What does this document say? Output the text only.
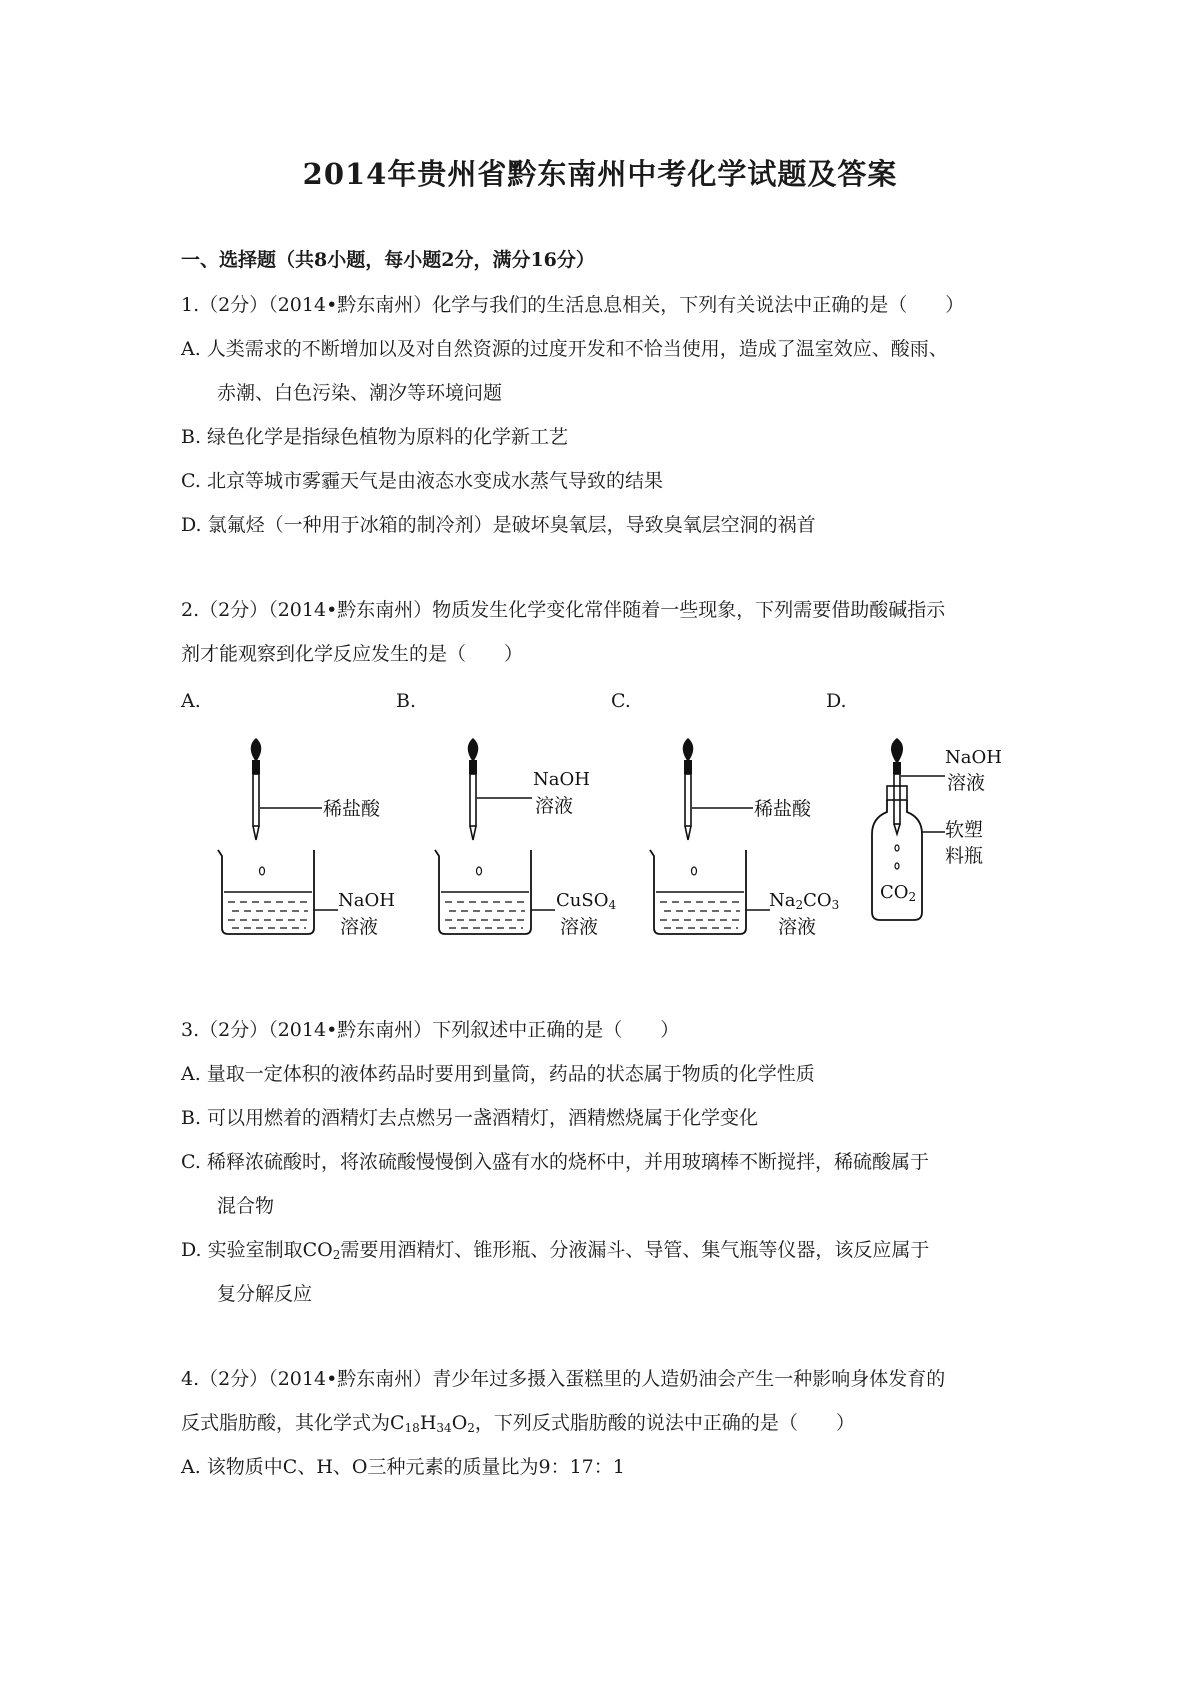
2014年贵州省黔东南州中考化学试题及答案
一、选择题（共8小题，每小题2分，满分16分）
1.（2分）（2014•黔东南州）化学与我们的生活息息相关，下列有关说法中正确的是（　　）
A. 人类需求的不断增加以及对自然资源的过度开发和不恰当使用，造成了温室效应、酸雨、
赤潮、白色污染、潮汐等环境问题
B. 绿色化学是指绿色植物为原料的化学新工艺
C. 北京等城市雾霾天气是由液态水变成水蒸气导致的结果
D. 氯氟烃（一种用于冰箱的制冷剂）是破坏臭氧层，导致臭氧层空洞的祸首
2.（2分）（2014•黔东南州）物质发生化学变化常伴随着一些现象，下列需要借助酸碱指示
剂才能观察到化学反应发生的是（　　）
A.	B.	C.	D.
稀盐酸
NaOH
溶液
NaOH
溶液
CuSO4
溶液
稀盐酸
Na2CO3
溶液
NaOH
溶液
软塑
料瓶
CO2
3.（2分）（2014•黔东南州）下列叙述中正确的是（　　）
A. 量取一定体积的液体药品时要用到量筒，药品的状态属于物质的化学性质
B. 可以用燃着的酒精灯去点燃另一盏酒精灯，酒精燃烧属于化学变化
C. 稀释浓硫酸时，将浓硫酸慢慢倒入盛有水的烧杯中，并用玻璃棒不断搅拌，稀硫酸属于
混合物
D. 实验室制取$CO_2$需要用酒精灯、锥形瓶、分液漏斗、导管、集气瓶等仪器，该反应属于
复分解反应
4.（2分）（2014•黔东南州）青少年过多摄入蛋糕里的人造奶油会产生一种影响身体发育的
反式脂肪酸，其化学式为$C_{18}H_{34}O_2$，下列反式脂肪酸的说法中正确的是（　　）
A. 该物质中C、H、O三种元素的质量比为9：17：1
